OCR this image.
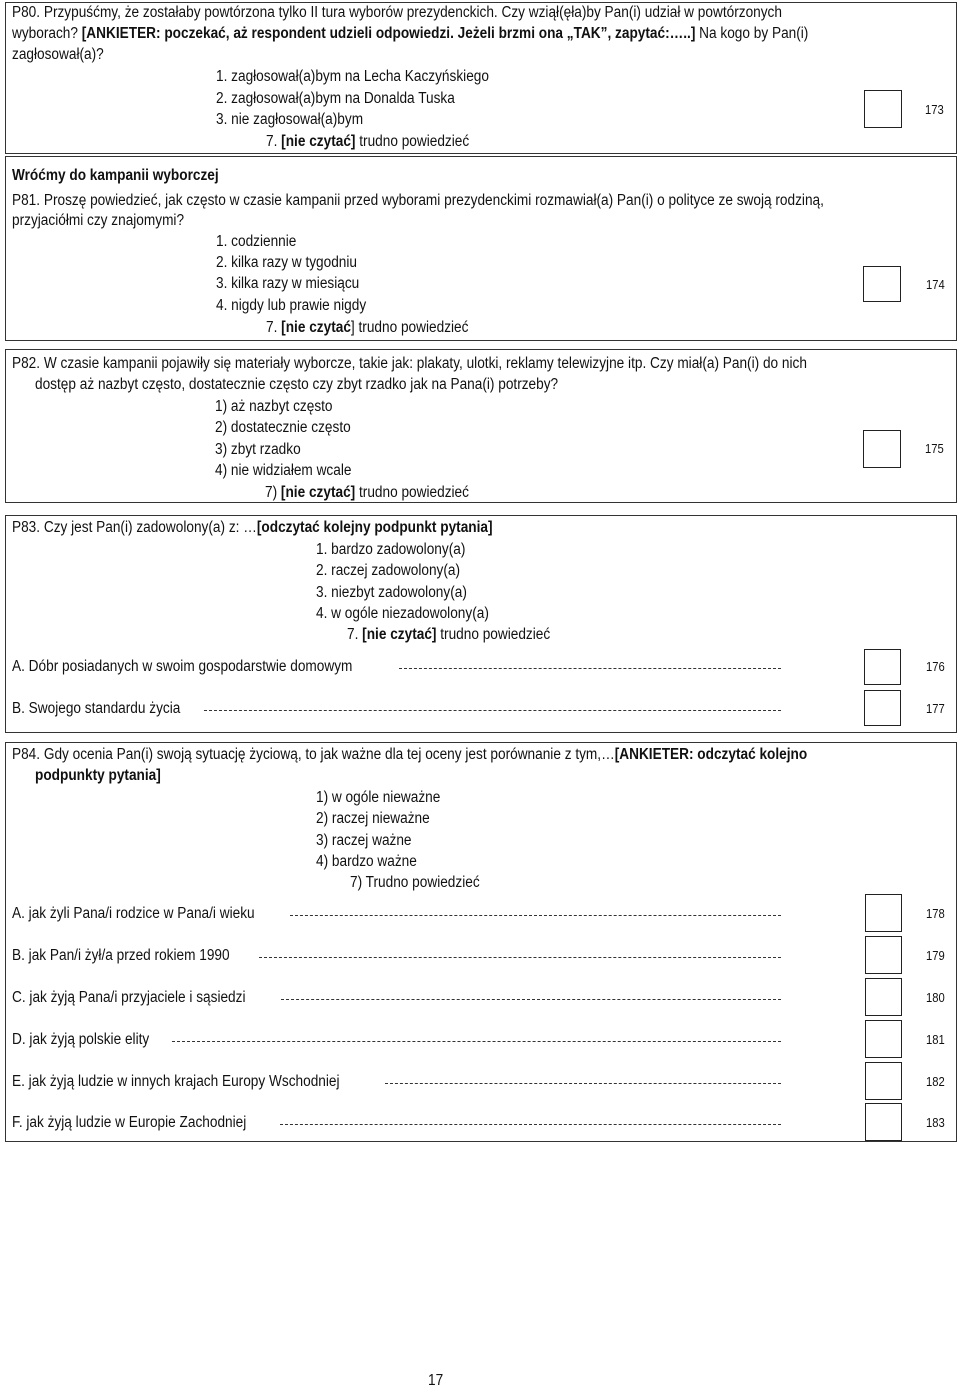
P80. Przypuśćmy, że zostałaby powtórzona tylko II tura wyborów prezydenckich. Czy wziął(ęła)by Pan(i) udział w powtórzonych
wyborach? [ANKIETER: poczekać, aż respondent udzieli odpowiedzi. Jeżeli brzmi ona „TAK”, zapytać:…..] Na kogo by Pan(i)
zagłosował(a)?
1. zagłosował(a)bym na Lecha Kaczyńskiego
2. zagłosował(a)bym na Donalda Tuska
3. nie zagłosował(a)bym
7. [nie czytać] trudno powiedzieć
173
Wróćmy do kampanii wyborczej
P81. Proszę powiedzieć, jak często w czasie kampanii przed wyborami prezydenckimi rozmawiał(a) Pan(i) o polityce ze swoją rodziną,
przyjaciółmi czy znajomymi?
1. codziennie
2. kilka razy w tygodniu
3. kilka razy w miesiącu
4. nigdy lub prawie nigdy
7. [nie czytać] trudno powiedzieć
174
P82. W czasie kampanii pojawiły się materiały wyborcze, takie jak: plakaty, ulotki, reklamy telewizyjne itp. Czy miał(a) Pan(i) do nich
dostęp aż nazbyt często, dostatecznie często czy zbyt rzadko jak na Pana(i) potrzeby?
1) aż nazbyt często
2) dostatecznie często
3) zbyt rzadko
4) nie widziałem wcale
7) [nie czytać] trudno powiedzieć
175
P83. Czy jest Pan(i) zadowolony(a) z: …[odczytać kolejny podpunkt pytania]
1. bardzo zadowolony(a)
2. raczej zadowolony(a)
3. niezbyt zadowolony(a)
4. w ogóle niezadowolony(a)
7. [nie czytać] trudno powiedzieć
A. Dóbr posiadanych w swoim gospodarstwie domowym	176
B. Swojego standardu życia	177
P84. Gdy ocenia Pan(i) swoją sytuację życiową, to jak ważne dla tej oceny jest porównanie z tym,…[ANKIETER: odczytać kolejno
podpunkty pytania]
1) w ogóle nieważne
2) raczej nieważne
3) raczej ważne
4) bardzo ważne
7) Trudno powiedzieć
A. jak żyli Pana/i rodzice w Pana/i wieku	178
B. jak Pan/i żył/a przed rokiem 1990	179
C. jak żyją Pana/i przyjaciele i sąsiedzi	180
D. jak żyją polskie elity	181
E. jak żyją ludzie w innych krajach Europy Wschodniej	182
F. jak żyją ludzie w Europie Zachodniej	183
17
